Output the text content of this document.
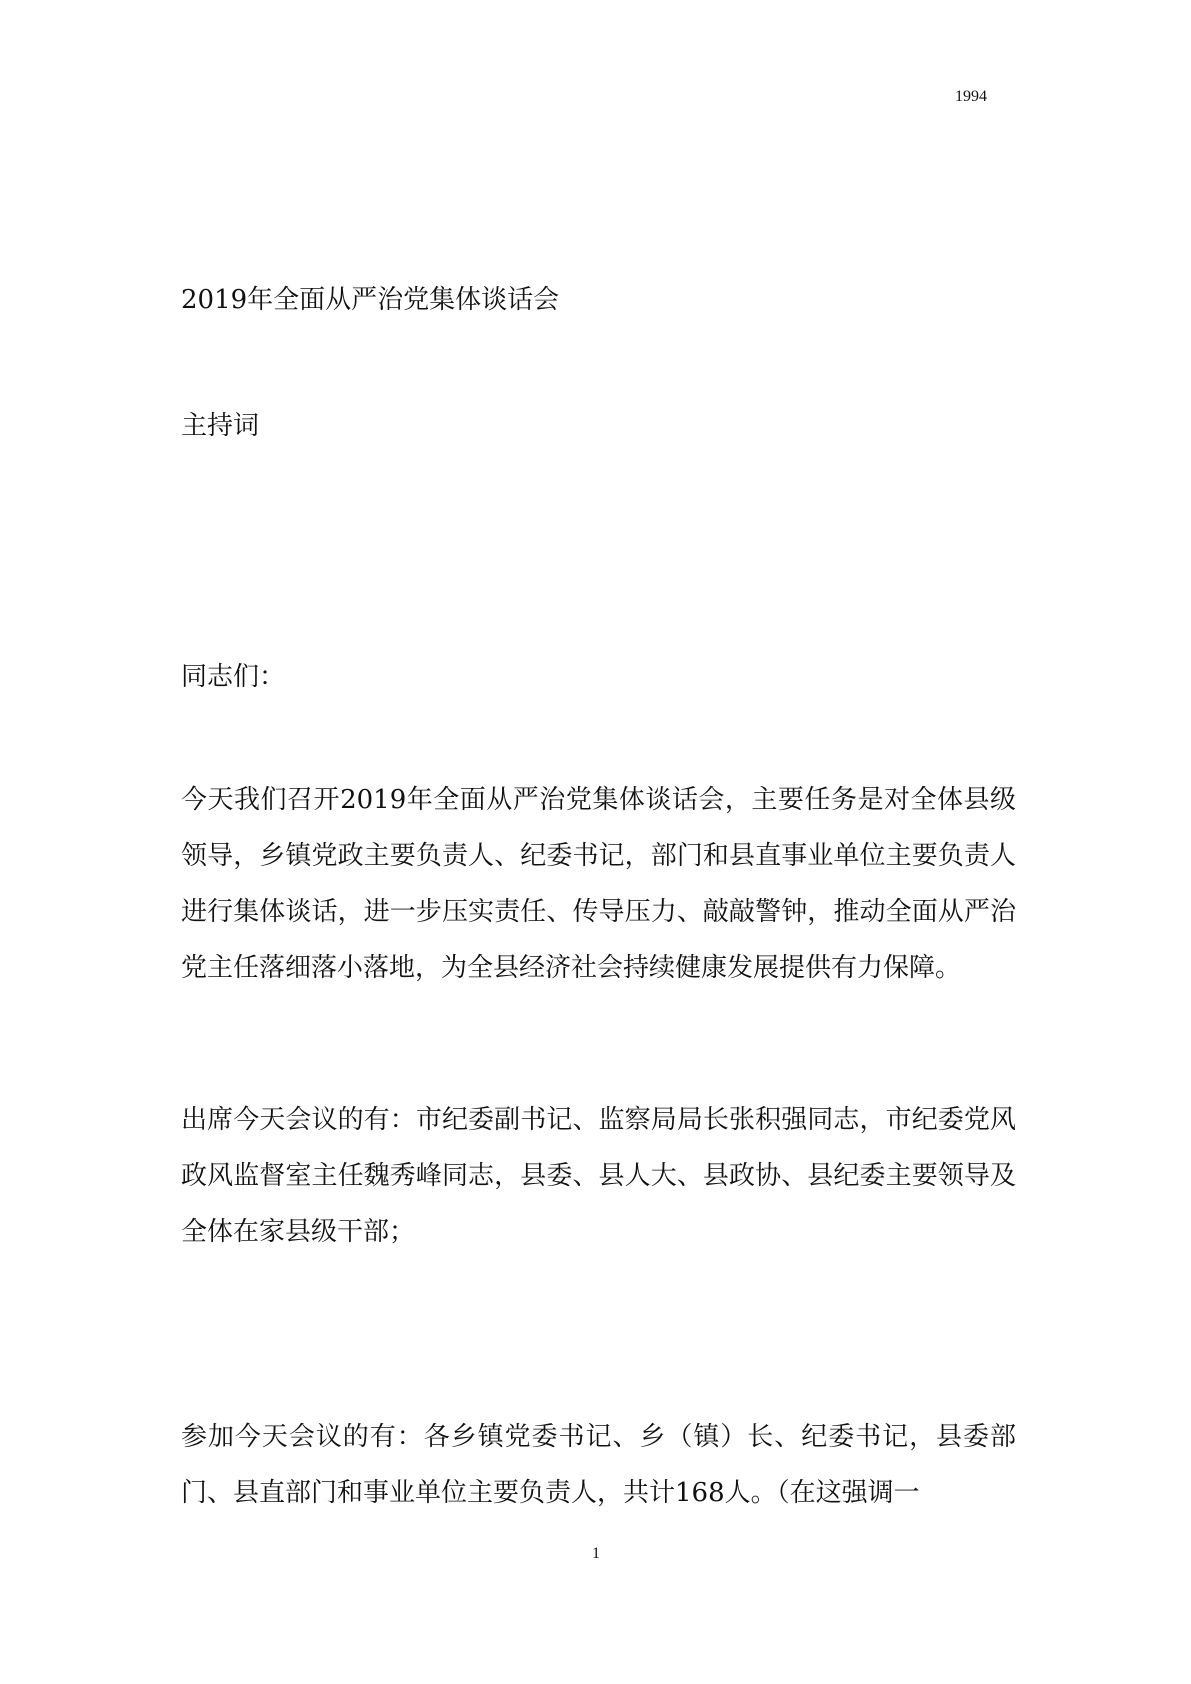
1994
2019年全面从严治党集体谈话会
主持词
同志们：
今天我们召开2019年全面从严治党集体谈话会，主要任务是对全体县级领导，乡镇党政主要负责人、纪委书记，部门和县直事业单位主要负责人进行集体谈话，进一步压实责任、传导压力、敲敲警钟，推动全面从严治党主任落细落小落地，为全县经济社会持续健康发展提供有力保障。
出席今天会议的有：市纪委副书记、监察局局长张积强同志，市纪委党风政风监督室主任魏秀峰同志，县委、县人大、县政协、县纪委主要领导及全体在家县级干部；
参加今天会议的有：各乡镇党委书记、乡（镇）长、纪委书记，县委部门、县直部门和事业单位主要负责人，共计168人。（在这强调一
1
